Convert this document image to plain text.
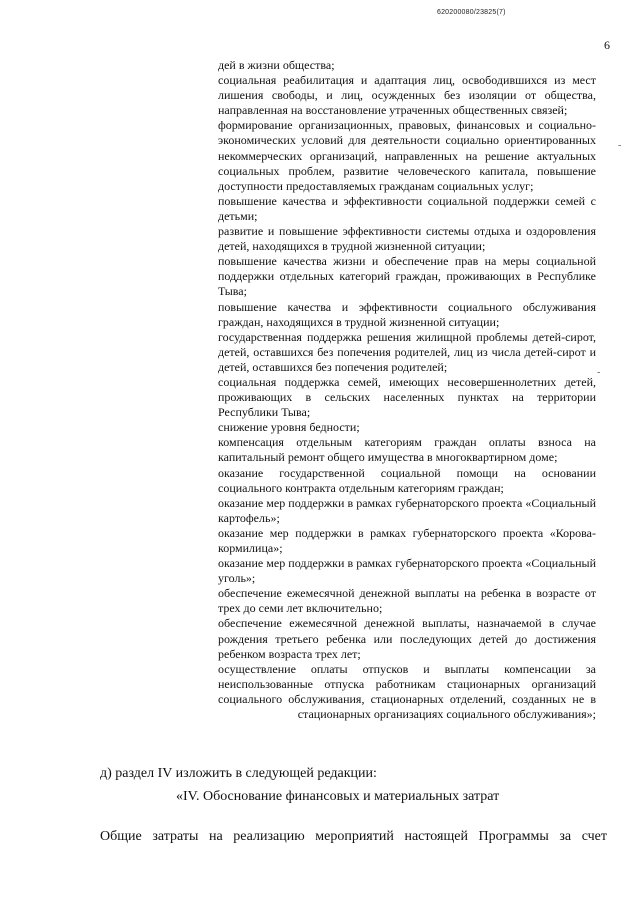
620200080/23825(7)
6

дей в жизни общества;

социальная реабилитация и адаптация лиц, освободившихся из мест лишения свободы, и лиц, осужденных без изоляции от общества, направленная на восстановление утраченных общественных связей;

формирование организационных, правовых, финансовых и социально-экономических условий для деятельности социально ориентированных некоммерческих организаций, направленных на решение актуальных социальных проблем, развитие человеческого капитала, повышение доступности предоставляемых гражданам социальных услуг;

повышение качества и эффективности социальной поддержки семей с детьми;

развитие и повышение эффективности системы отдыха и оздоровления детей, находящихся в трудной жизненной ситуации;

повышение качества жизни и обеспечение прав на меры социальной поддержки отдельных категорий граждан, проживающих в Республике Тыва;

повышение качества и эффективности социального обслуживания граждан, находящихся в трудной жизненной ситуации;

государственная поддержка решения жилищной проблемы детей-сирот, детей, оставшихся без попечения родителей, лиц из числа детей-сирот и детей, оставшихся без попечения родителей;

социальная поддержка семей, имеющих несовершеннолетних детей, проживающих в сельских населенных пунктах на территории Республики Тыва;

снижение уровня бедности;

компенсация отдельным категориям граждан оплаты взноса на капитальный ремонт общего имущества в многоквартирном доме;

оказание государственной социальной помощи на основании социального контракта отдельным категориям граждан;

оказание мер поддержки в рамках губернаторского проекта «Социальный картофель»;

оказание мер поддержки в рамках губернаторского проекта «Корова-кормилица»;

оказание мер поддержки в рамках губернаторского проекта «Социальный уголь»;

обеспечение ежемесячной денежной выплаты на ребенка в возрасте от трех до семи лет включительно;

обеспечение ежемесячной денежной выплаты, назначаемой в случае рождения третьего ребенка или последующих детей до достижения ребенком возраста трех лет;

осуществление оплаты отпусков и выплаты компенсации за неиспользованные отпуска работникам стационарных организаций социального обслуживания, стационарных отделений, созданных не в стационарных организациях социального обслуживания»;

д) раздел IV изложить в следующей редакции:
«IV. Обоснование финансовых и материальных затрат
Общие затраты на реализацию мероприятий настоящей Программы за счет
-
-
